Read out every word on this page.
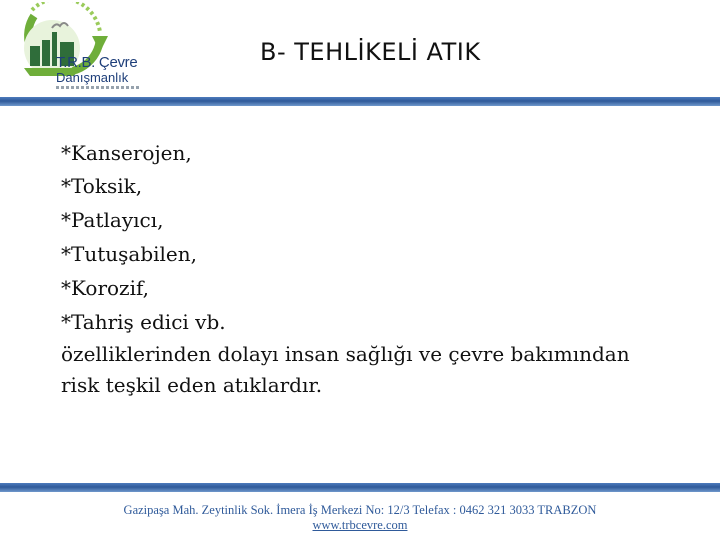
T.R.B. Çevre
Danışmanlık
B- TEHLİKELİ ATIK
*Kanserojen,
*Toksik,
*Patlayıcı,
*Tutuşabilen,
*Korozif,
*Tahriş edici vb.
özelliklerinden dolayı insan sağlığı ve çevre bakımından
risk teşkil eden atıklardır.
Gazipaşa Mah. Zeytinlik Sok. İmera İş Merkezi No: 12/3 Telefax : 0462 321 3033 TRABZON
www.trbcevre.com
